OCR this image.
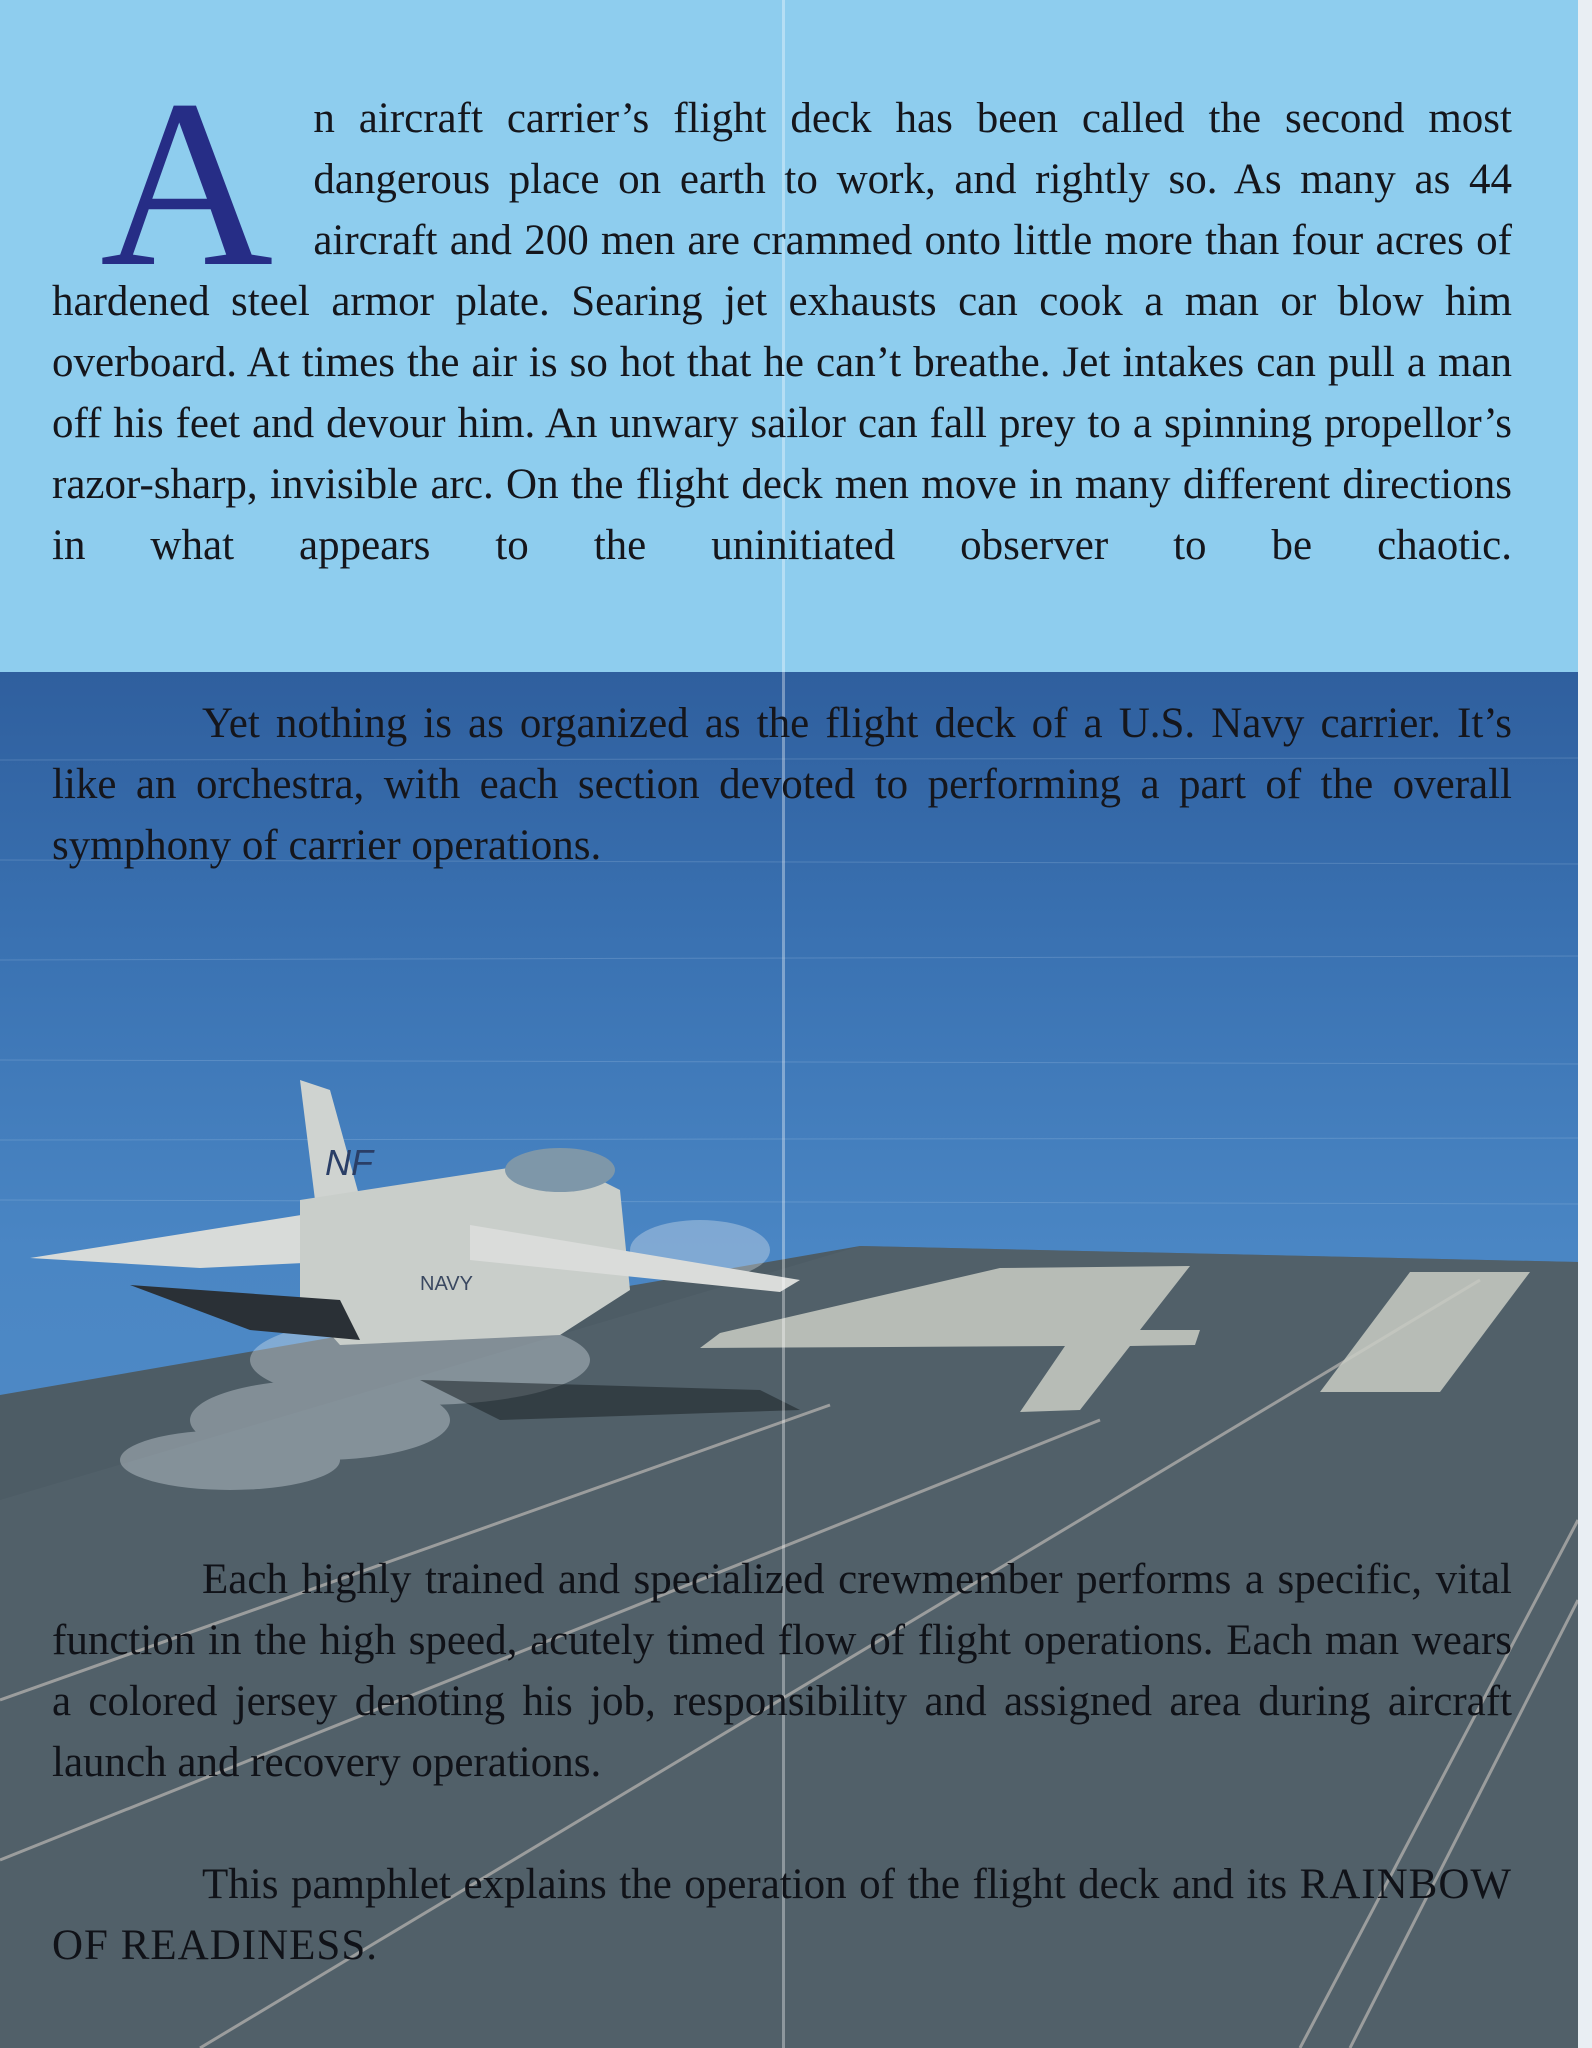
NF
NAVY
A n aircraft carrier’s flight deck has been called the second most dangerous place on earth to work, and rightly so. As many as 44 aircraft and 200 men are crammed onto little more than four acres of hardened steel armor plate. Searing jet exhausts can cook a man or blow him overboard. At times the air is so hot that he can’t breathe. Jet intakes can pull a man off his feet and devour him. An unwary sailor can fall prey to a spinning propellor’s razor-sharp, invisible arc. On the flight deck men move in many different directions in what appears to the uninitiated observer to be chaotic.
Yet nothing is as organized as the flight deck of a U.S. Navy carrier. It’s like an orchestra, with each section devoted to performing a part of the overall symphony of carrier operations.
Each highly trained and specialized crewmember performs a specific, vital function in the high speed, acutely timed flow of flight operations. Each man wears a colored jersey denoting his job, responsibility and assigned area during aircraft launch and recovery operations.
This pamphlet explains the operation of the flight deck and its RAINBOW OF READINESS.
